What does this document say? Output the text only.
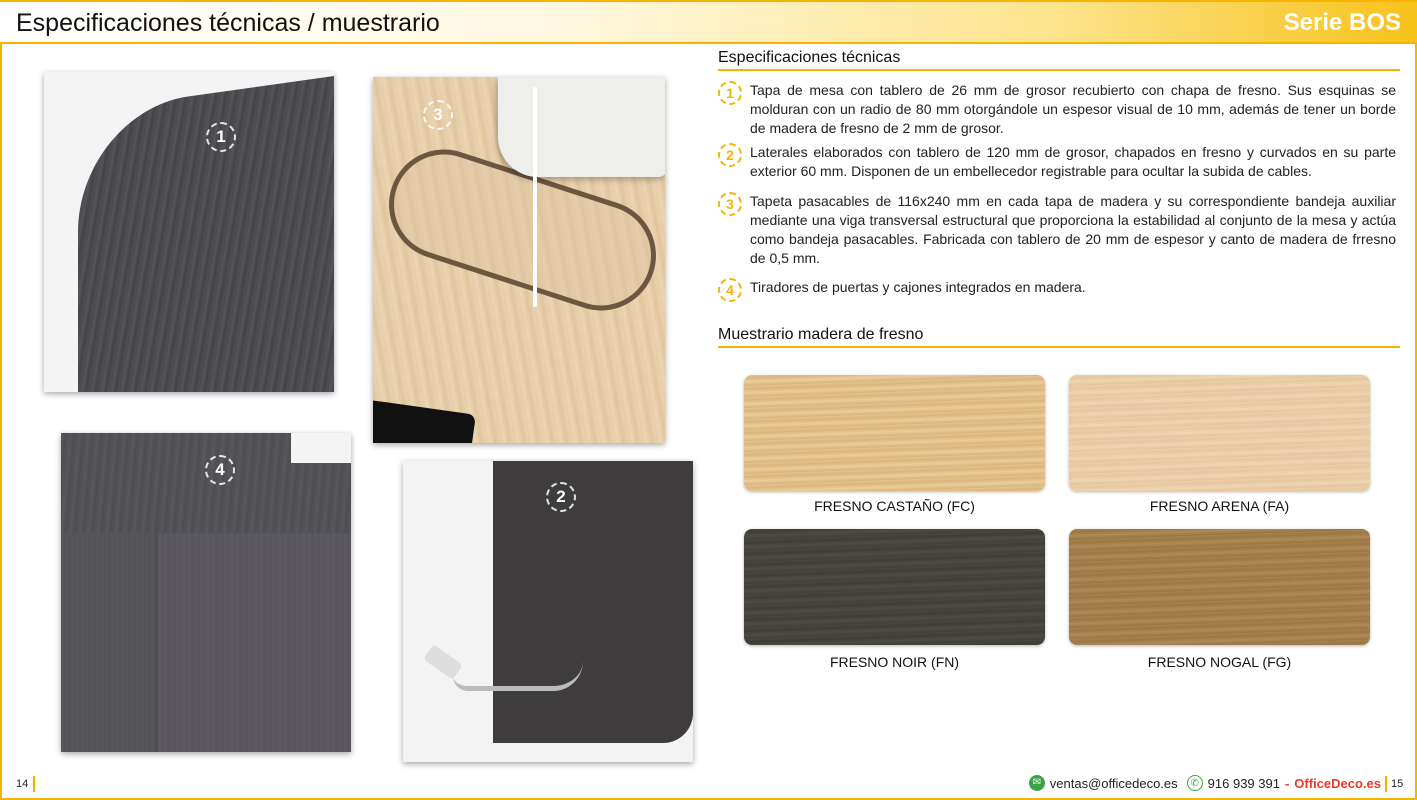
Especificaciones técnicas / muestrario	Serie BOS
1
3
4
2
Especificaciones técnicas
1	Tapa de mesa con tablero de 26 mm de grosor recubierto con chapa de fresno. Sus esquinas se molduran con un radio de 80 mm otorgándole un espesor visual de 10 mm, además de tener un borde de madera de fresno de 2 mm de grosor.
2	Laterales elaborados con tablero de 120 mm de grosor, chapados en fresno y curvados en su parte exterior 60 mm. Disponen de un embellecedor registrable para ocultar la subida de cables.
3	Tapeta pasacables de 116x240 mm en cada tapa de madera y su correspondiente bandeja auxiliar mediante una viga transversal estructural que proporciona la estabilidad al conjunto de la mesa y actúa como bandeja pasacables. Fabricada con tablero de 20 mm de espesor y canto de madera de frresno de 0,5 mm.
4	Tiradores de puertas y cajones integrados en madera.
Muestrario madera de fresno
FRESNO CASTAÑO (FC)	FRESNO ARENA (FA)
FRESNO NOIR (FN)	FRESNO NOGAL (FG)
14	✉ ventas@officedeco.es	✆ 916 939 391 - OfficeDeco.es 15
